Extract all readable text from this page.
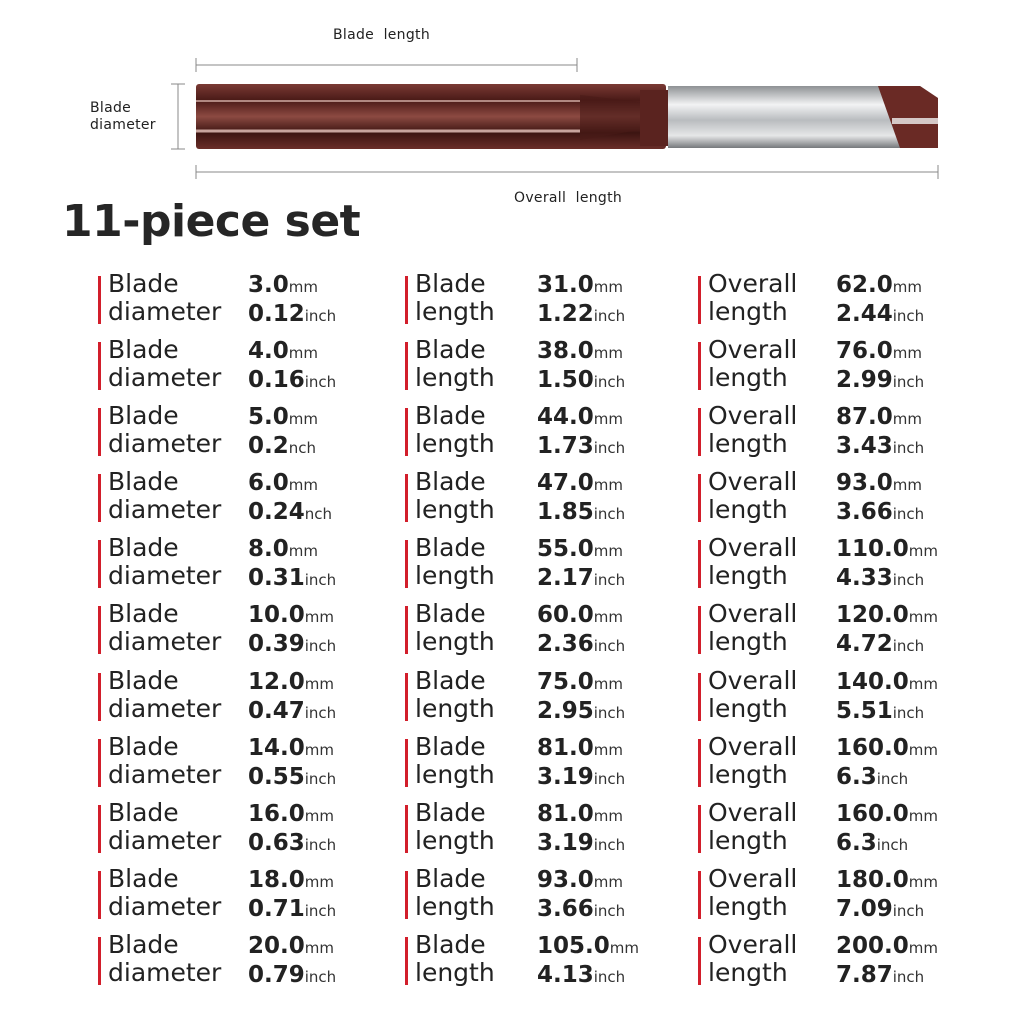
Blade  length
Blade
diameter
Overall  length
11-piece set
Blade
diameter
3.0mm
0.12inch
Blade
diameter
4.0mm
0.16inch
Blade
diameter
5.0mm
0.2nch
Blade
diameter
6.0mm
0.24nch
Blade
diameter
8.0mm
0.31inch
Blade
diameter
10.0mm
0.39inch
Blade
diameter
12.0mm
0.47inch
Blade
diameter
14.0mm
0.55inch
Blade
diameter
16.0mm
0.63inch
Blade
diameter
18.0mm
0.71inch
Blade
diameter
20.0mm
0.79inch
Blade
length
31.0mm
1.22inch
Blade
length
38.0mm
1.50inch
Blade
length
44.0mm
1.73inch
Blade
length
47.0mm
1.85inch
Blade
length
55.0mm
2.17inch
Blade
length
60.0mm
2.36inch
Blade
length
75.0mm
2.95inch
Blade
length
81.0mm
3.19inch
Blade
length
81.0mm
3.19inch
Blade
length
93.0mm
3.66inch
Blade
length
105.0mm
4.13inch
Overall
length
62.0mm
2.44inch
Overall
length
76.0mm
2.99inch
Overall
length
87.0mm
3.43inch
Overall
length
93.0mm
3.66inch
Overall
length
110.0mm
4.33inch
Overall
length
120.0mm
4.72inch
Overall
length
140.0mm
5.51inch
Overall
length
160.0mm
6.3inch
Overall
length
160.0mm
6.3inch
Overall
length
180.0mm
7.09inch
Overall
length
200.0mm
7.87inch
